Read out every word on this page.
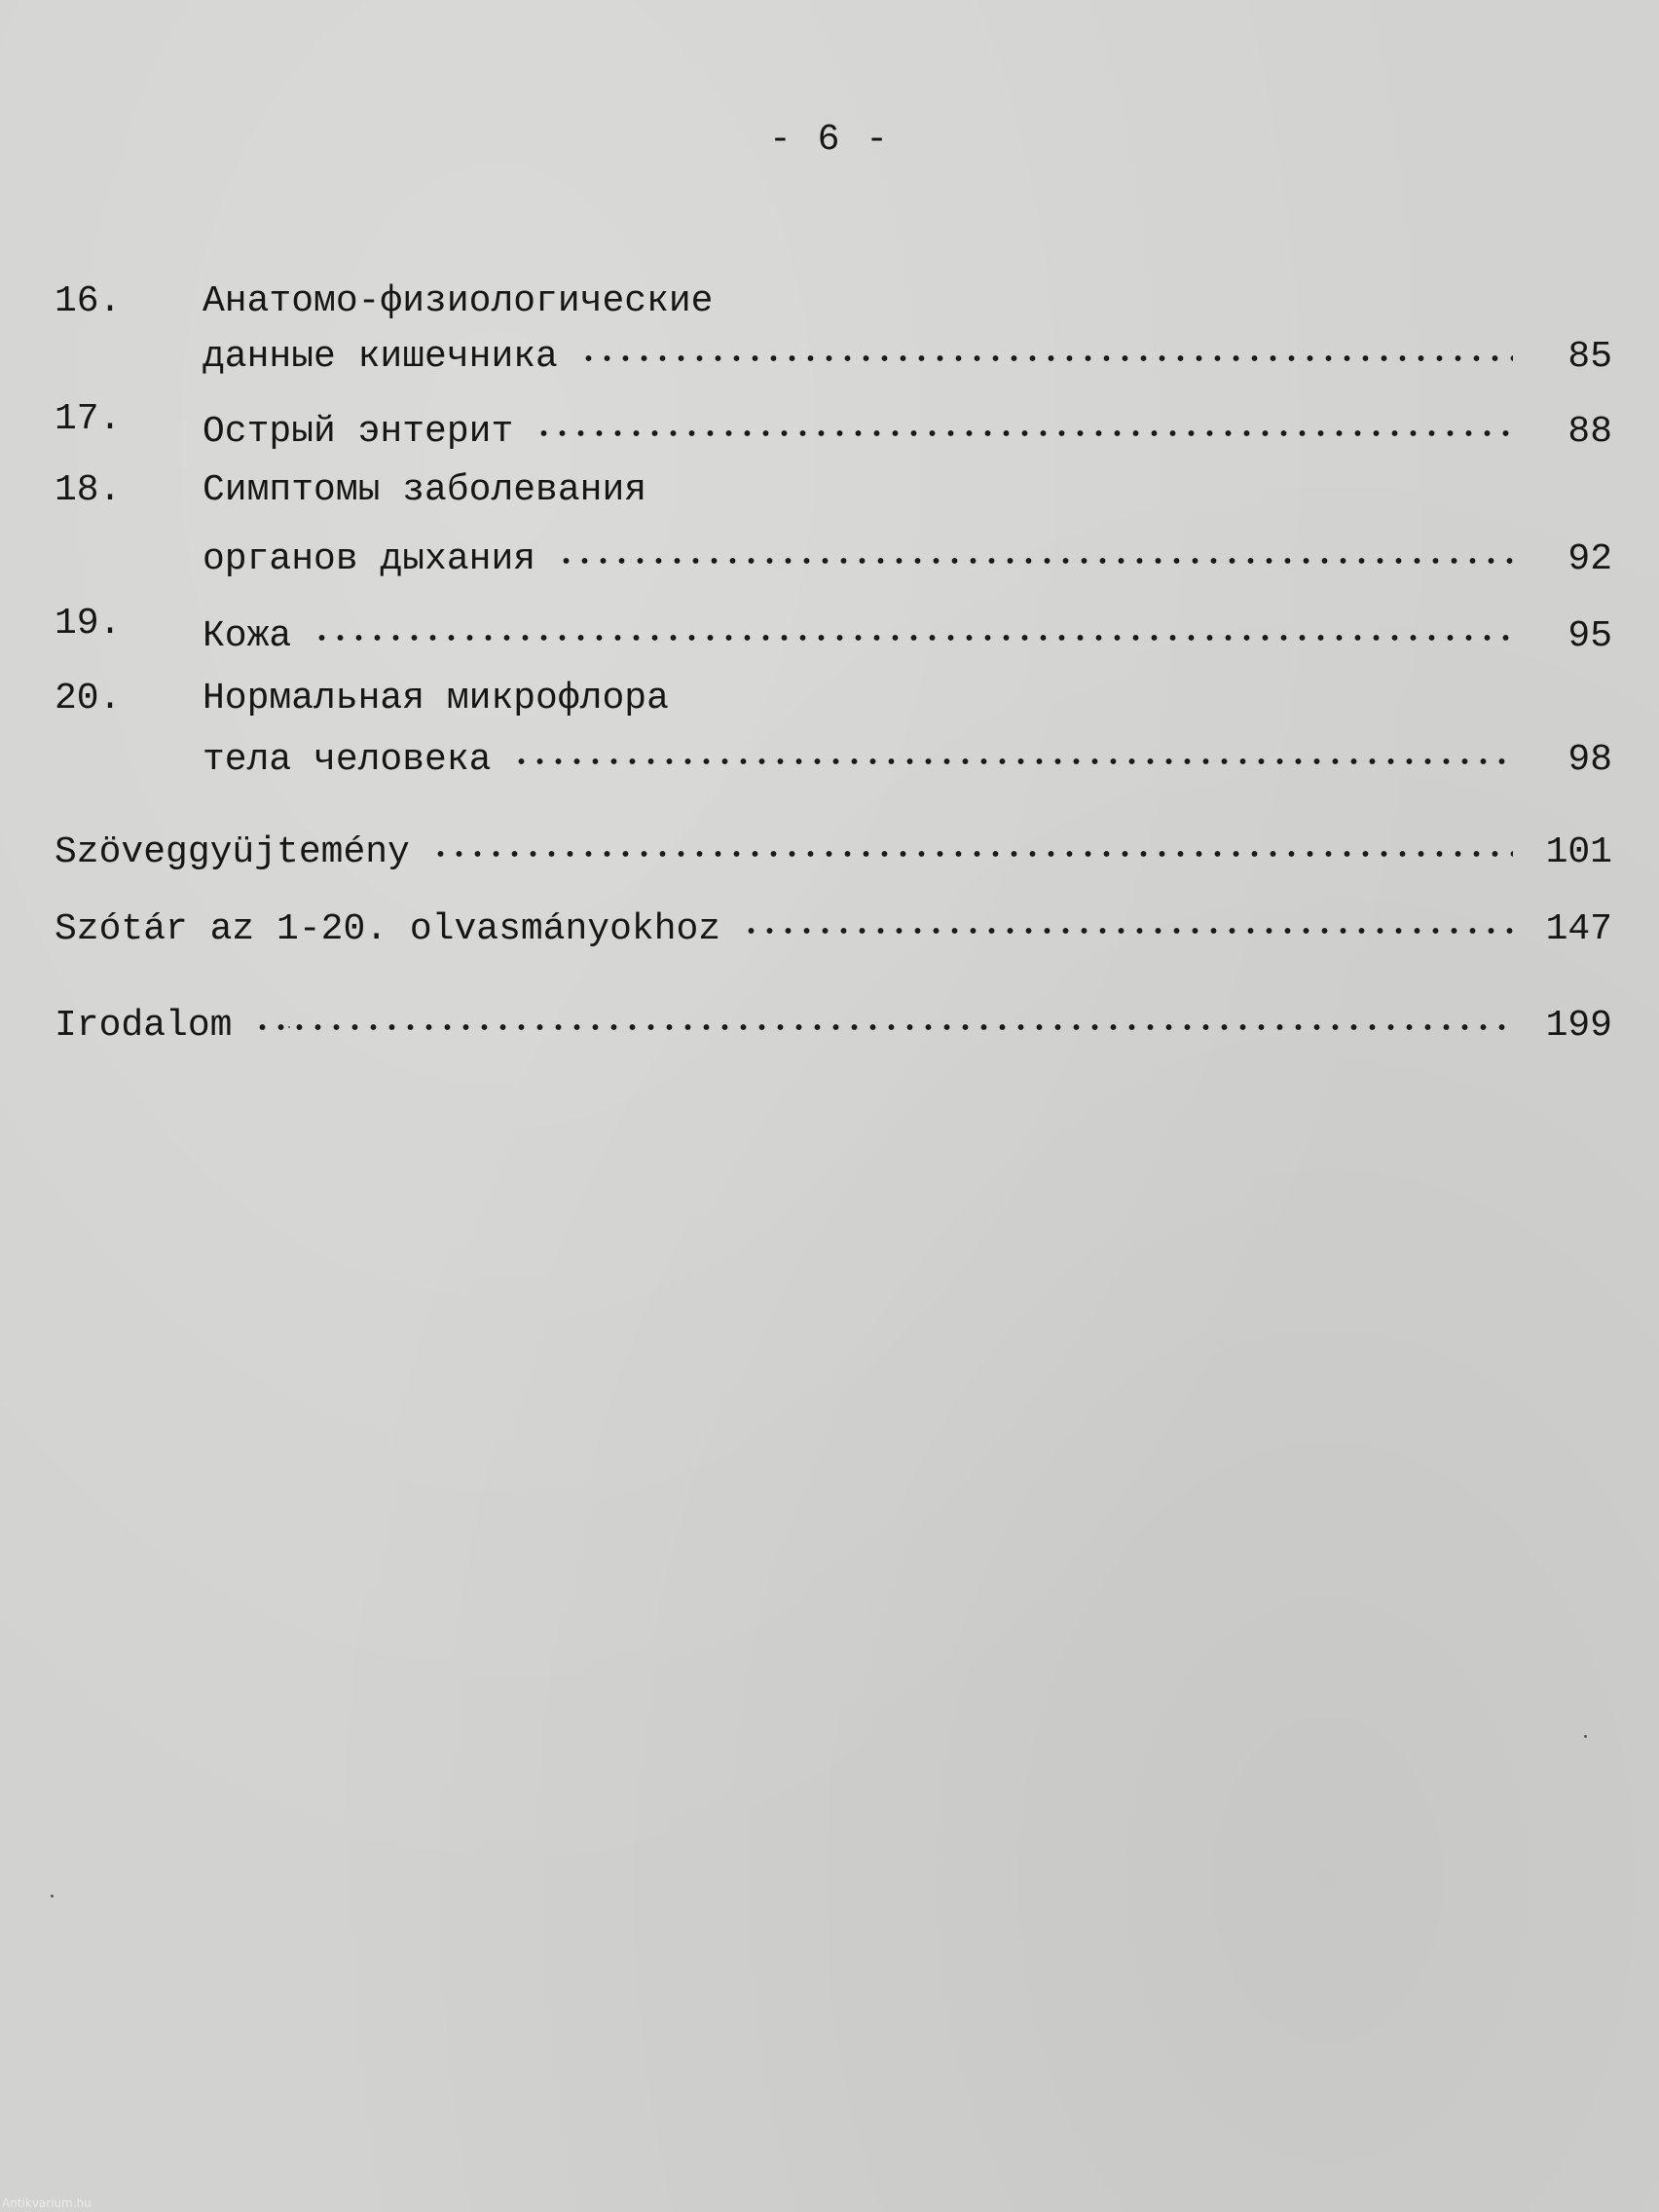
- 6 -
16. Анатомо-физиологические
данные кишечника	85
17. Острый энтерит	88
18. Симптомы заболевания
органов дыхания	92
19. Кожа	95
20. Нормальная микрофлора
тела человека	98
Szöveggyüjtemény	101
Szótár az 1-20. olvasmányokhoz	147
Irodalom	199
Antikvarium.hu
